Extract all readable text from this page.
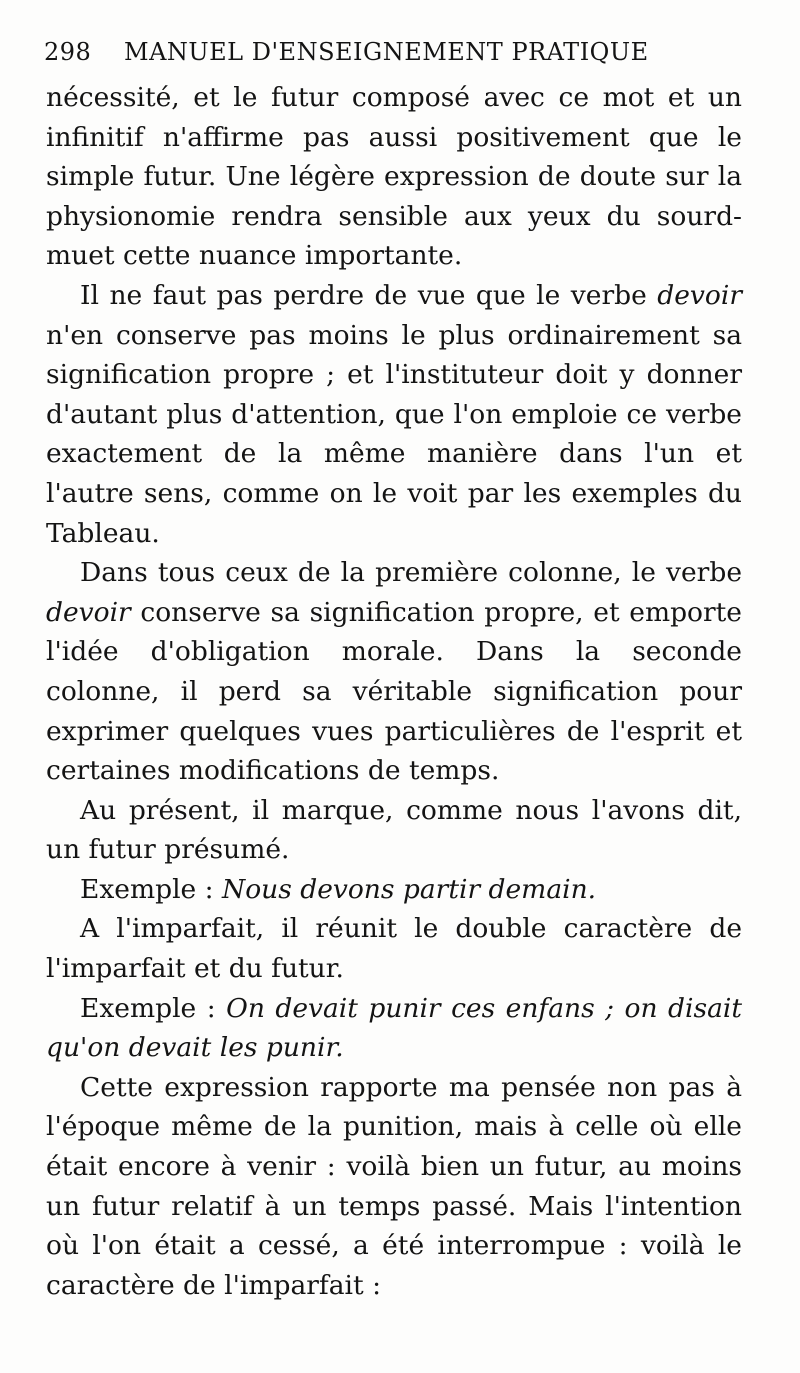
298 MANUEL D'ENSEIGNEMENT PRATIQUE

nécessité, et le futur composé avec ce mot et un infinitif n'affirme pas aussi positivement que le simple futur. Une légère expression de doute sur la physionomie rendra sensible aux yeux du sourd-muet cette nuance importante.

Il ne faut pas perdre de vue que le verbe devoir n'en conserve pas moins le plus ordinairement sa signification propre ; et l'instituteur doit y donner d'autant plus d'attention, que l'on emploie ce verbe exactement de la même manière dans l'un et l'autre sens, comme on le voit par les exemples du Tableau.

Dans tous ceux de la première colonne, le verbe devoir conserve sa signification propre, et emporte l'idée d'obligation morale. Dans la seconde colonne, il perd sa véritable signification pour exprimer quelques vues particulières de l'esprit et certaines modifications de temps.

Au présent, il marque, comme nous l'avons dit, un futur présumé.

Exemple : Nous devons partir demain.

A l'imparfait, il réunit le double caractère de l'imparfait et du futur.

Exemple : On devait punir ces enfans ; on disait qu'on devait les punir.

Cette expression rapporte ma pensée non pas à l'époque même de la punition, mais à celle où elle était encore à venir : voilà bien un futur, au moins un futur relatif à un temps passé. Mais l'intention où l'on était a cessé, a été interrompue : voilà le caractère de l'imparfait :
